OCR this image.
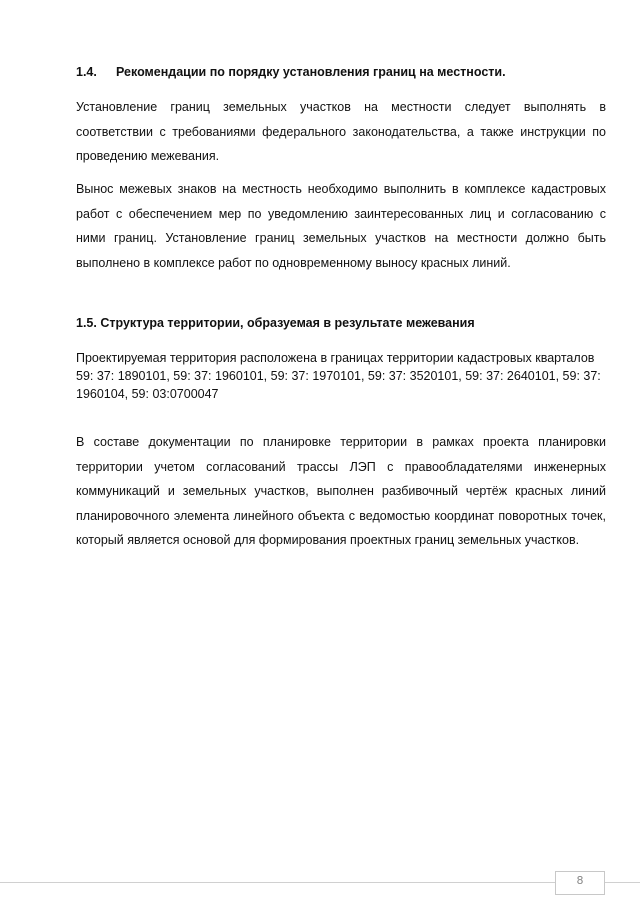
1.4. Рекомендации по порядку установления границ на местности.

Установление границ земельных участков на местности следует выполнять в соответствии с требованиями федерального законодательства, а также инструкции по проведению межевания.

Вынос межевых знаков на местность необходимо выполнить в комплексе кадастровых работ с обеспечением мер по уведомлению заинтересованных лиц и согласованию с ними границ. Установление границ земельных участков на местности должно быть выполнено в комплексе работ по одновременному выносу красных линий.

1.5. Структура территории, образуемая в результате межевания

Проектируемая территория расположена в границах территории кадастровых кварталов 59: 37: 1890101, 59: 37: 1960101, 59: 37: 1970101, 59: 37: 3520101, 59: 37: 2640101, 59: 37: 1960104, 59: 03:0700047

В составе документации по планировке территории в рамках проекта планировки территории учетом согласований трассы ЛЭП с правообладателями инженерных коммуникаций и земельных участков, выполнен разбивочный чертёж красных линий планировочного элемента линейного объекта с ведомостью координат поворотных точек, который является основой для формирования проектных границ земельных участков.

8
